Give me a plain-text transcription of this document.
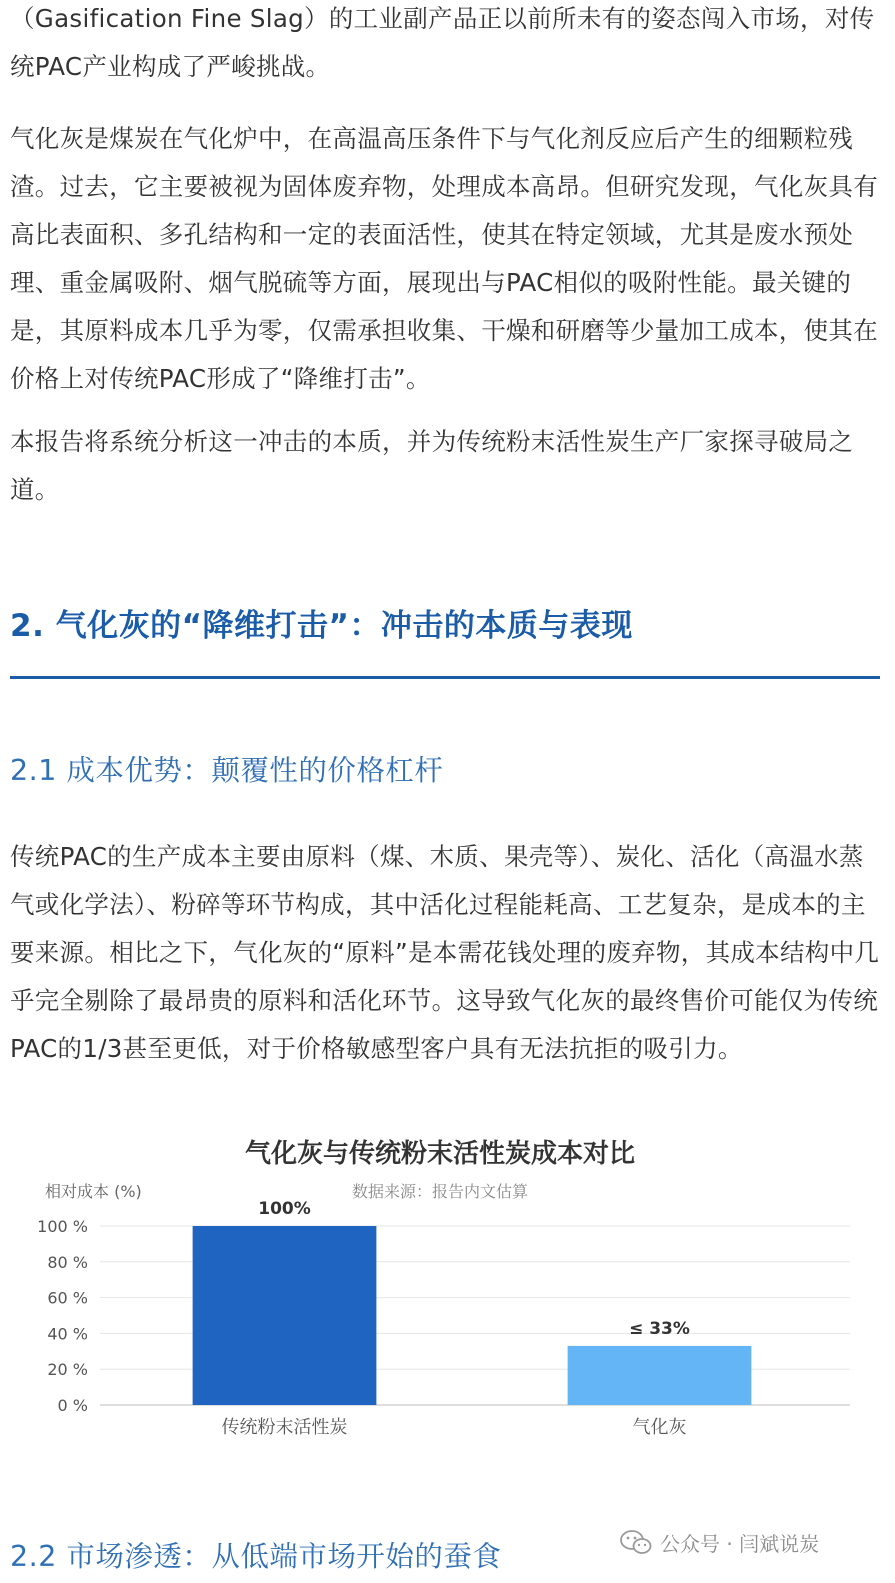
（Gasification Fine Slag）的工业副产品正以前所未有的姿态闯入市场，对传统PAC产业构成了严峻挑战。
气化灰是煤炭在气化炉中，在高温高压条件下与气化剂反应后产生的细颗粒残渣。过去，它主要被视为固体废弃物，处理成本高昂。但研究发现，气化灰具有高比表面积、多孔结构和一定的表面活性，使其在特定领域，尤其是废水预处理、重金属吸附、烟气脱硫等方面，展现出与PAC相似的吸附性能。最关键的是，其原料成本几乎为零，仅需承担收集、干燥和研磨等少量加工成本，使其在价格上对传统PAC形成了“降维打击”。
本报告将系统分析这一冲击的本质，并为传统粉末活性炭生产厂家探寻破局之道。
2. 气化灰的“降维打击”：冲击的本质与表现
2.1 成本优势：颠覆性的价格杠杆
传统PAC的生产成本主要由原料（煤、木质、果壳等）、炭化、活化（高温水蒸气或化学法）、粉碎等环节构成，其中活化过程能耗高、工艺复杂，是成本的主要来源。相比之下，气化灰的“原料”是本需花钱处理的废弃物，其成本结构中几乎完全剔除了最昂贵的原料和活化环节。这导致气化灰的最终售价可能仅为传统PAC的1/3甚至更低，对于价格敏感型客户具有无法抗拒的吸引力。
气化灰与传统粉末活性炭成本对比
数据来源：报告内文估算
相对成本 (%)
0 %
20 %
40 %
60 %
80 %
100 %
100%
≤ 33%
传统粉末活性炭	气化灰
2.2 市场渗透：从低端市场开始的蚕食	公众号 · 闫斌说炭
